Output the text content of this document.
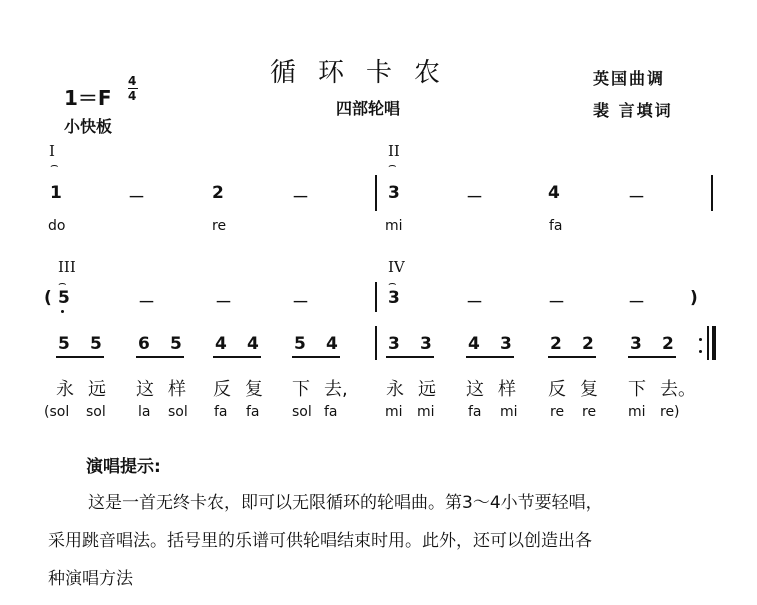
循环卡农
四部轮唱
英国曲调
裴 言填词
1＝F
4
4
小快板
I
⌢
II
⌢
1	－	2	－	3	－	4	－
do	re	mi	fa
III	IV
⌢	⌢
( 5	－	－	－	3	－	－	－	)
5 5 6 5 4 4 5 4	3 3 4 3 2 2 3 2
永 远 这 样 反 复 下 去, 永 远 这 样 反 复 下 去。
(sol sol la sol fa fa sol fa	mi mi fa mi re re mi re)
演唱提示:
这是一首无终卡农，即可以无限循环的轮唱曲。第3～4小节要轻唱，
采用跳音唱法。括号里的乐谱可供轮唱结束时用。此外，还可以创造出各
种演唱方法
